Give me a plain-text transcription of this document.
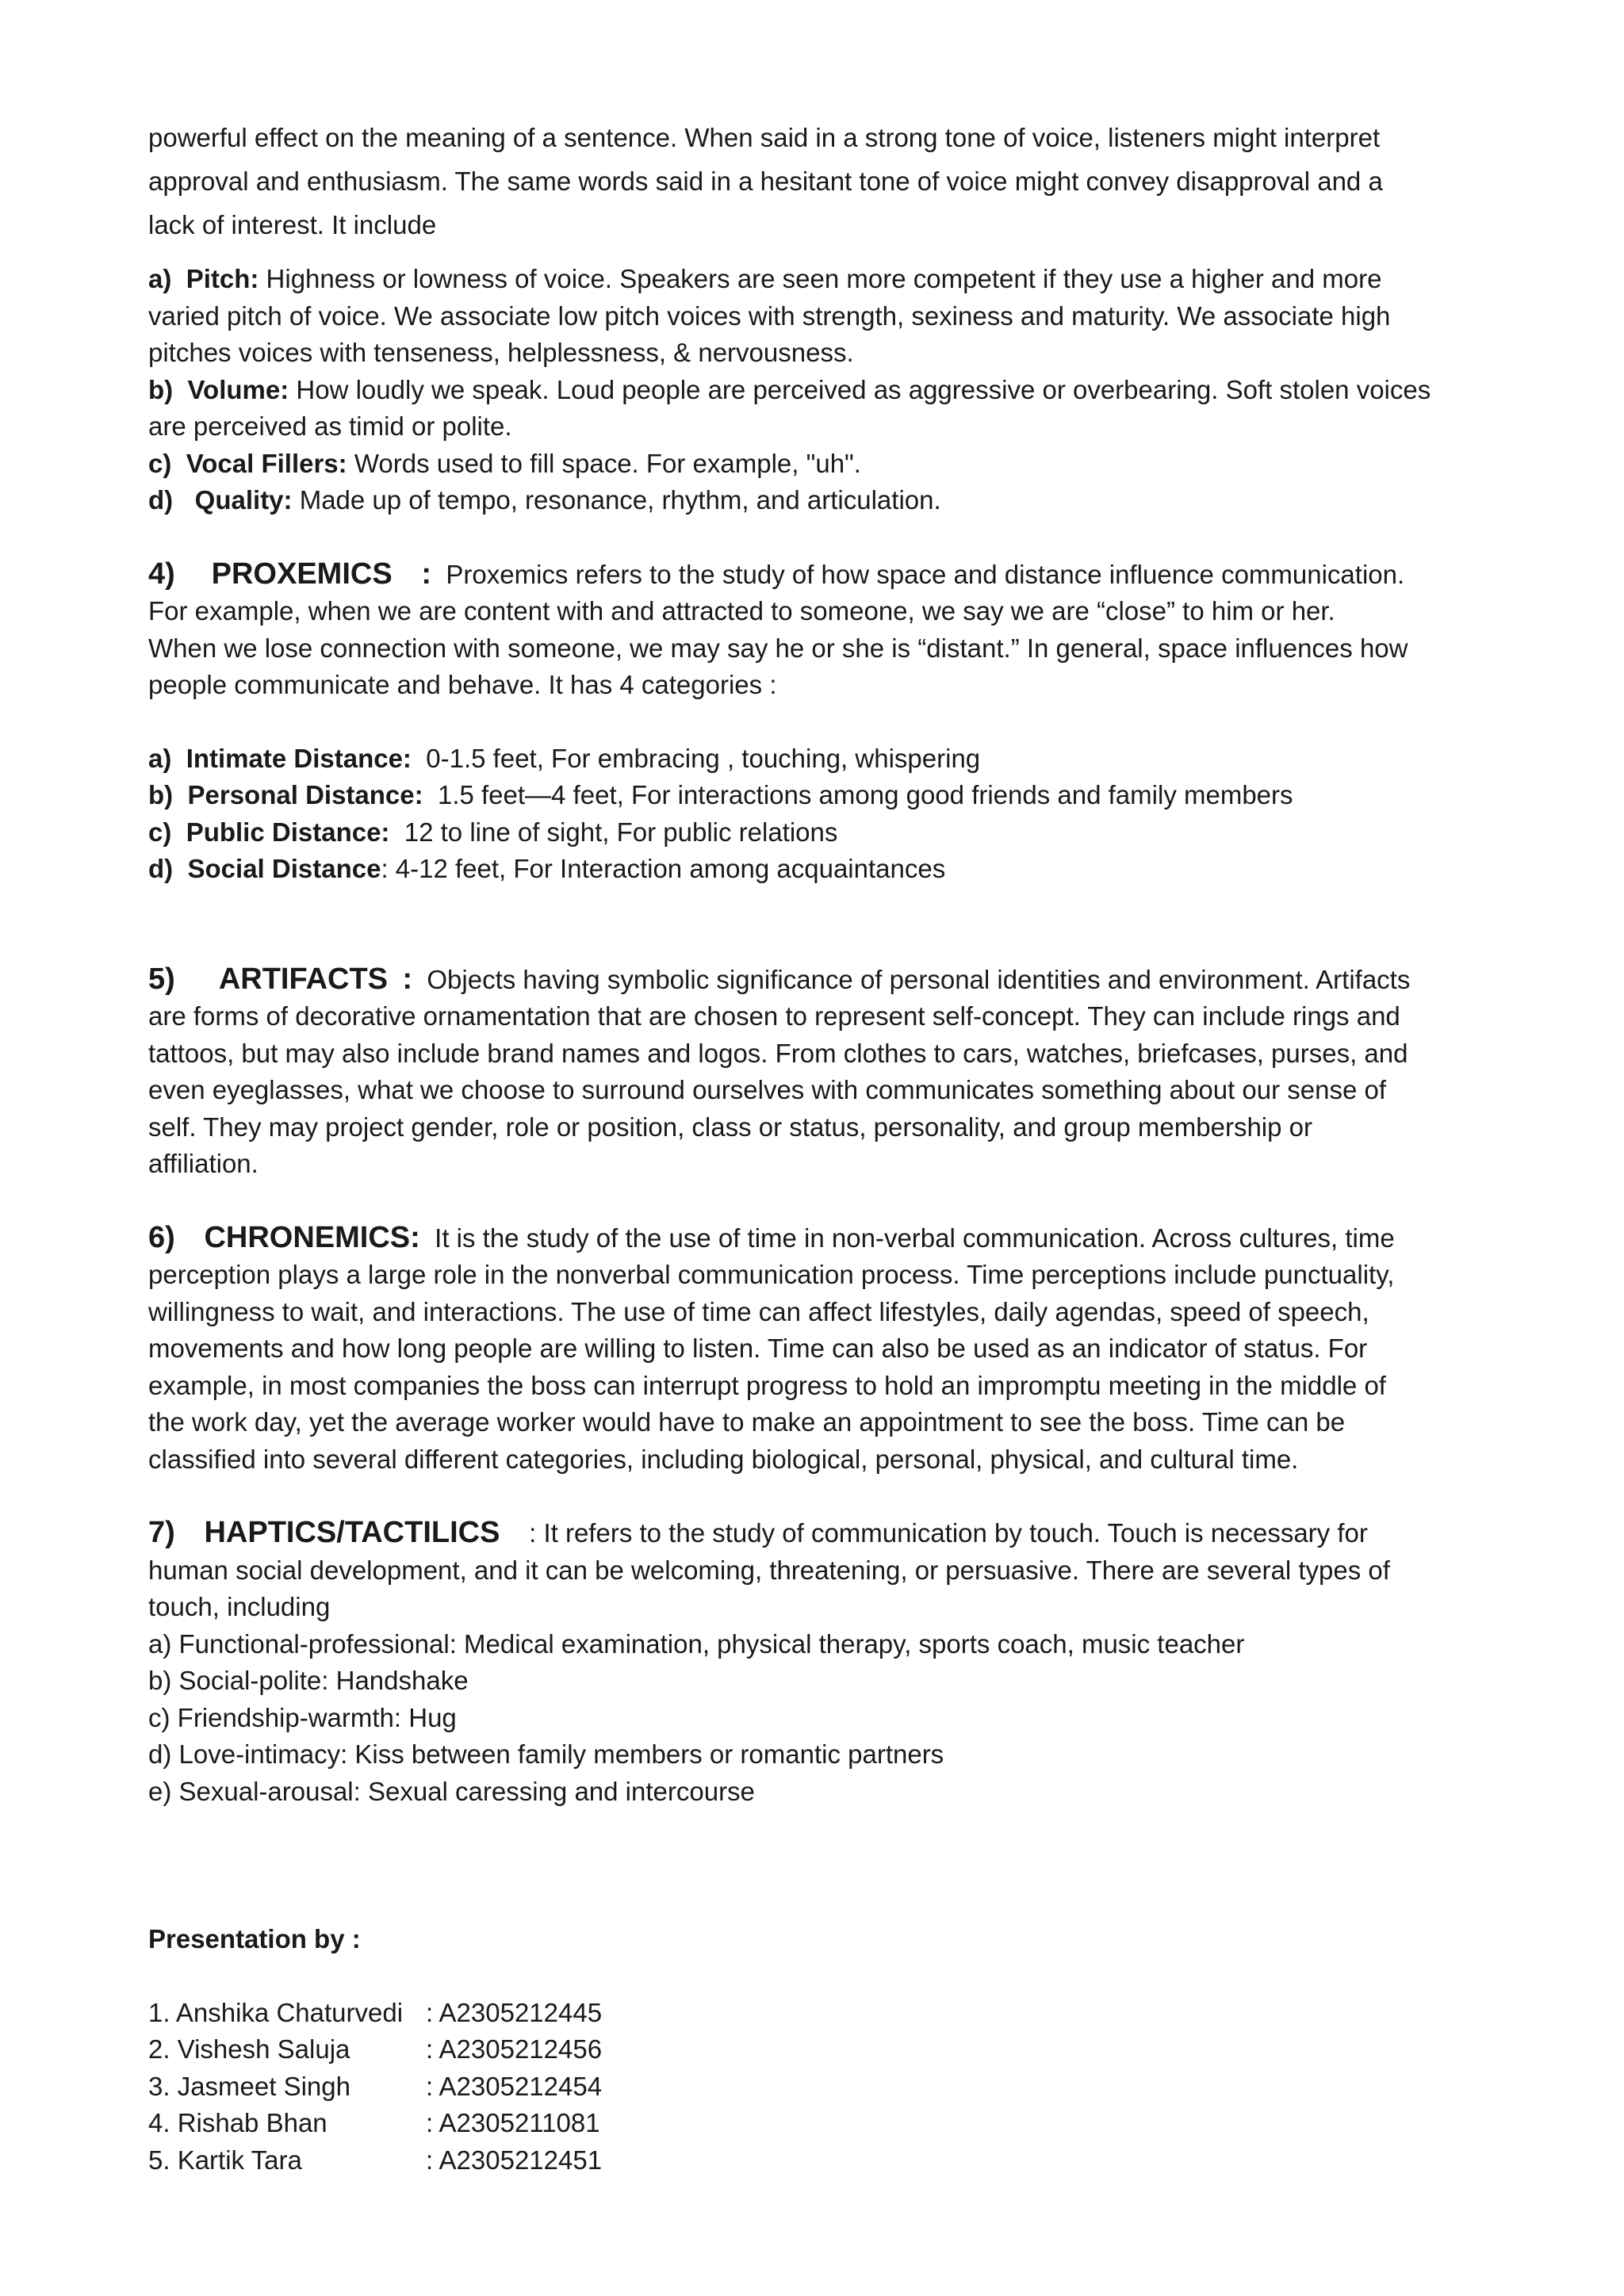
powerful effect on the meaning of a sentence. When said in a strong tone of voice, listeners might interpret
approval and enthusiasm. The same words said in a hesitant tone of voice might convey disapproval and a
lack of interest. It include
a) Pitch: Highness or lowness of voice. Speakers are seen more competent if they use a higher and more
varied pitch of voice. We associate low pitch voices with strength, sexiness and maturity. We associate high
pitches voices with tenseness, helplessness, & nervousness.
b) Volume: How loudly we speak. Loud people are perceived as aggressive or overbearing. Soft stolen voices
are perceived as timid or polite.
c) Vocal Fillers: Words used to fill space. For example, "uh".
d) Quality: Made up of tempo, resonance, rhythm, and articulation.
4) PROXEMICS : Proxemics refers to the study of how space and distance influence communication.
For example, when we are content with and attracted to someone, we say we are “close” to him or her.
When we lose connection with someone, we may say he or she is “distant.” In general, space influences how
people communicate and behave. It has 4 categories :
a) Intimate Distance: 0-1.5 feet, For embracing , touching, whispering
b) Personal Distance: 1.5 feet—4 feet, For interactions among good friends and family members
c) Public Distance: 12 to line of sight, For public relations
d) Social Distance: 4-12 feet, For Interaction among acquaintances
5) ARTIFACTS : Objects having symbolic significance of personal identities and environment. Artifacts
are forms of decorative ornamentation that are chosen to represent self-concept. They can include rings and
tattoos, but may also include brand names and logos. From clothes to cars, watches, briefcases, purses, and
even eyeglasses, what we choose to surround ourselves with communicates something about our sense of
self. They may project gender, role or position, class or status, personality, and group membership or
affiliation.
6) CHRONEMICS: It is the study of the use of time in non-verbal communication. Across cultures, time
perception plays a large role in the nonverbal communication process. Time perceptions include punctuality,
willingness to wait, and interactions. The use of time can affect lifestyles, daily agendas, speed of speech,
movements and how long people are willing to listen. Time can also be used as an indicator of status. For
example, in most companies the boss can interrupt progress to hold an impromptu meeting in the middle of
the work day, yet the average worker would have to make an appointment to see the boss. Time can be
classified into several different categories, including biological, personal, physical, and cultural time.
7) HAPTICS/TACTILICS : It refers to the study of communication by touch. Touch is necessary for
human social development, and it can be welcoming, threatening, or persuasive. There are several types of
touch, including
a) Functional-professional: Medical examination, physical therapy, sports coach, music teacher
b) Social-polite: Handshake
c) Friendship-warmth: Hug
d) Love-intimacy: Kiss between family members or romantic partners
e) Sexual-arousal: Sexual caressing and intercourse
Presentation by :
1. Anshika Chaturvedi : A2305212445
2. Vishesh Saluja	: A2305212456
3. Jasmeet Singh	: A2305212454
4. Rishab Bhan	: A2305211081
5. Kartik Tara	: A2305212451
